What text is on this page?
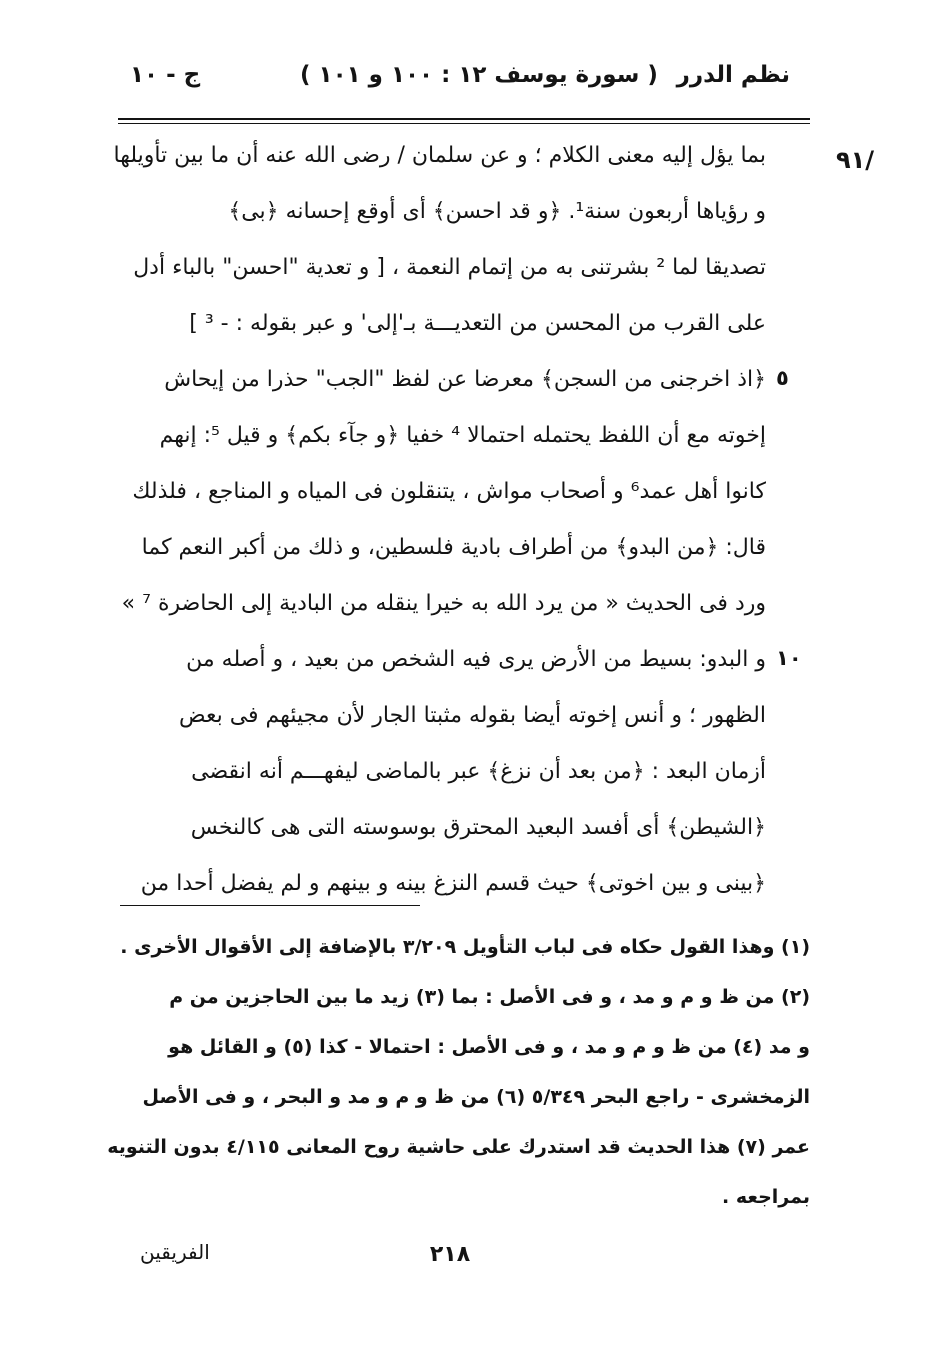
نظم الدرر
( سورة يوسف ١٢ : ١٠٠ و ١٠١ )
ج - ١٠
/٩١
٥
١٠
بما يؤل إليه معنى الكلام ؛ و عن سلمان / رضى الله عنه أن ما بين تأويلها
و رؤياها أربعون سنة¹. ﴿و قد احسن﴾ أى أوقع إحسانه ﴿بى﴾
تصديقا لما ² بشرتنى به من إتمام النعمة ، [ و تعدية "احسن" بالباء أدل
على القرب من المحسن من التعديـــة بـ'إلى' و عبر بقوله : - ³ ]
﴿اذ اخرجنى من السجن﴾ معرضا عن لفظ "الجب" حذرا من إيحاش
إخوته مع أن اللفظ يحتمله احتمالا ⁴ خفيا ﴿و جآء بكم﴾ و قيل ⁵: إنهم
كانوا أهل عمد⁶ و أصحاب مواش ، يتنقلون فى المياه و المناجع ، فلذلك
قال: ﴿من البدو﴾ من أطراف بادية فلسطين، و ذلك من أكبر النعم كما
ورد فى الحديث « من يرد الله به خيرا ينقله من البادية إلى الحاضرة ⁷ »
و البدو: بسيط من الأرض يرى فيه الشخص من بعيد ، و أصله من
الظهور ؛ و أنس إخوته أيضا بقوله مثبتا الجار لأن مجيئهم فى بعض
أزمان البعد : ﴿من بعد أن نزغ﴾ عبر بالماضى ليفهـــم أنه انقضى
﴿الشيطن﴾ أى أفسد البعيد المحترق بوسوسته التى هى كالنخس
﴿بينى و بين اخوتى﴾ حيث قسم النزغ بينه و بينهم و لم يفضل أحدا من
(١) وهذا القول حكاه فى لباب التأويل ٣/٢٠٩ بالإضافة إلى الأقوال الأخرى .
(٢) من ظ و م و مد ، و فى الأصل : بما (٣) زيد ما بين الحاجزين من م
و مد (٤) من ظ و م و مد ، و فى الأصل : احتمالا - كذا (٥) و القائل هو
الزمخشرى - راجع البحر ٥/٣٤٩ (٦) من ظ و م و مد و البحر ، و فى الأصل
عمر (٧) هذا الحديث قد استدرك على حاشية روح المعانى ٤/١١٥ بدون التنويه
بمراجعه .
٢١٨
الفريقين
